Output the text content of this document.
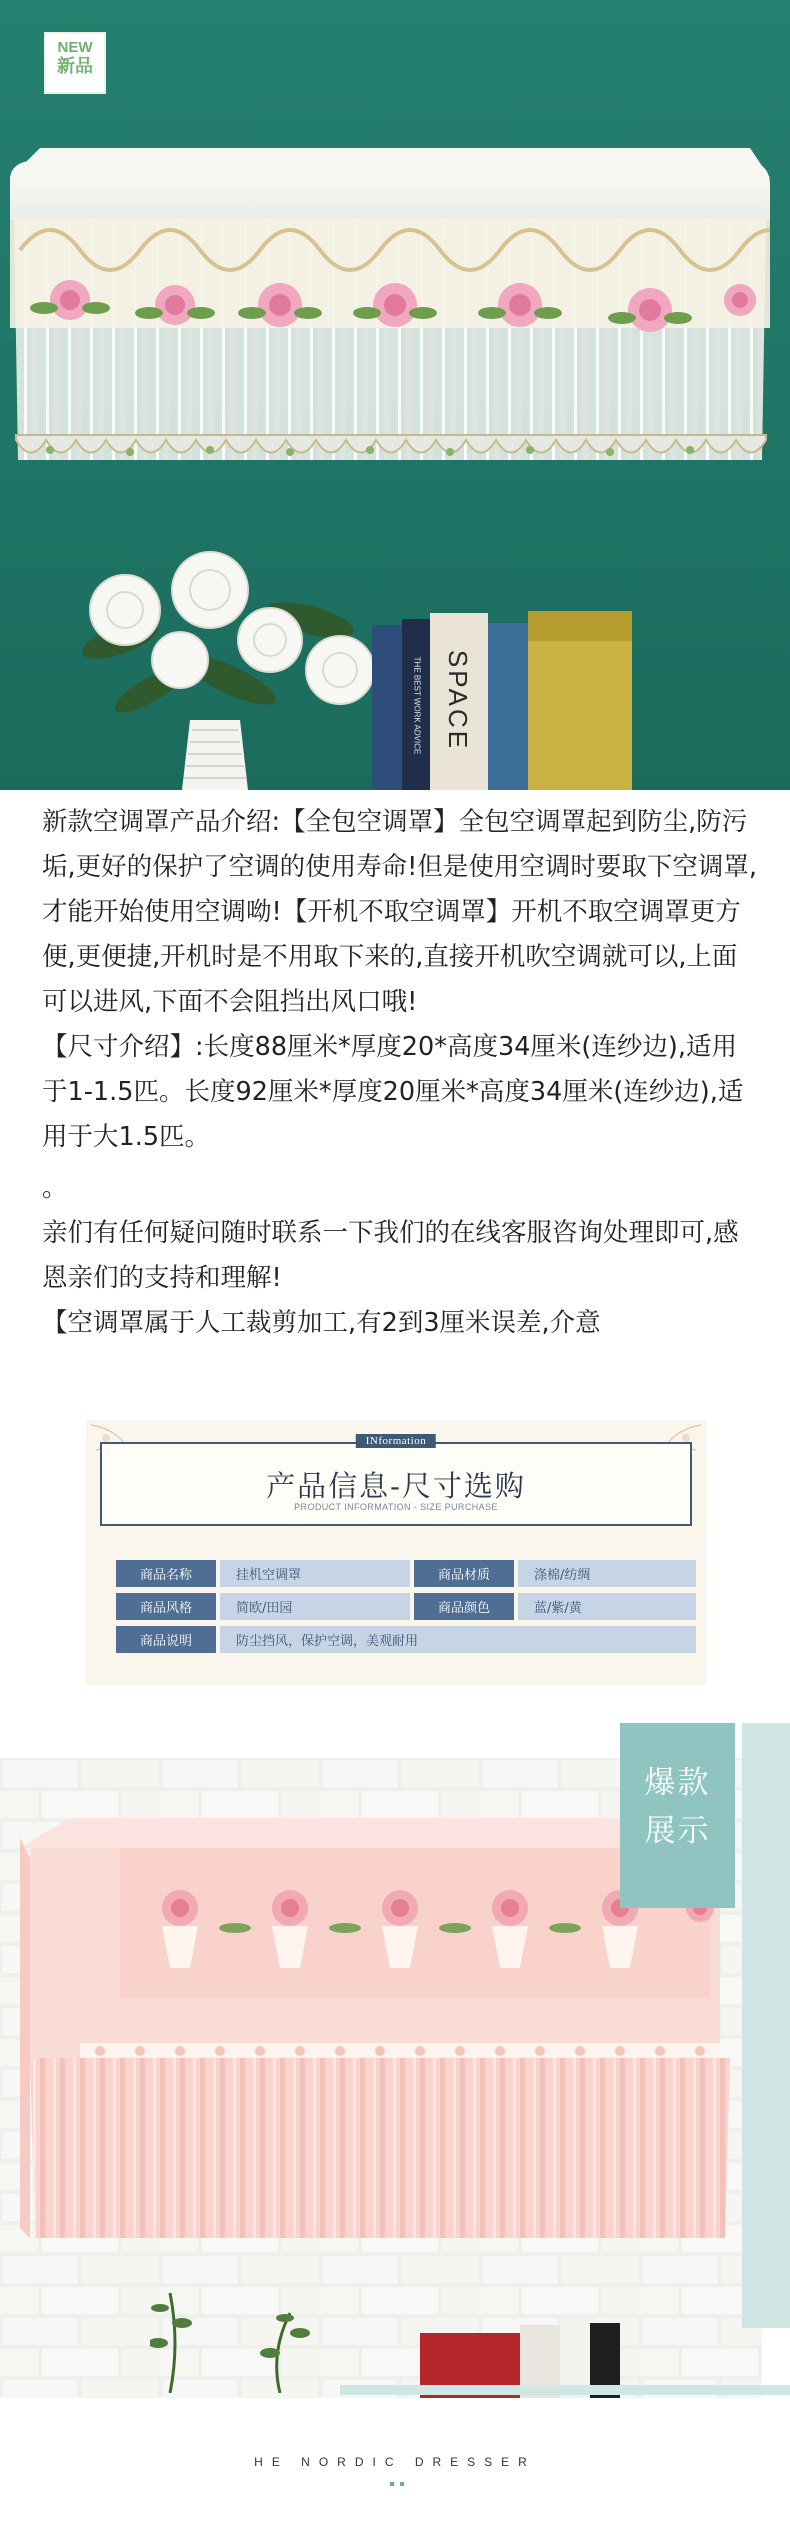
NEW
新品
SPACE
THE BEST WORK ADVICE

新款空调罩产品介绍:【全包空调罩】全包空调罩起到防尘,防污垢,更好的保护了空调的使用寿命!但是使用空调时要取下空调罩,才能开始使用空调呦!【开机不取空调罩】开机不取空调罩更方便,更便捷,开机时是不用取下来的,直接开机吹空调就可以,上面可以进风,下面不会阻挡出风口哦!

【尺寸介绍】:长度88厘米*厚度20*高度34厘米(连纱边),适用于1-1.5匹。长度92厘米*厚度20厘米*高度34厘米(连纱边),适用于大1.5匹。

。

亲们有任何疑问随时联系一下我们的在线客服咨询处理即可,感恩亲们的支持和理解!

【空调罩属于人工裁剪加工,有2到3厘米误差,介意

INformation
产品信息-尺寸选购
PRODUCT INFORMATION - SIZE PURCHASE
商品名称	挂机空调罩	商品材质	涤棉/纺绸
商品风格	简欧/田园	商品颜色	蓝/紫/黄
商品说明	防尘挡风，保护空调，美观耐用
爆款
展示
HE NORDIC DRESSER
